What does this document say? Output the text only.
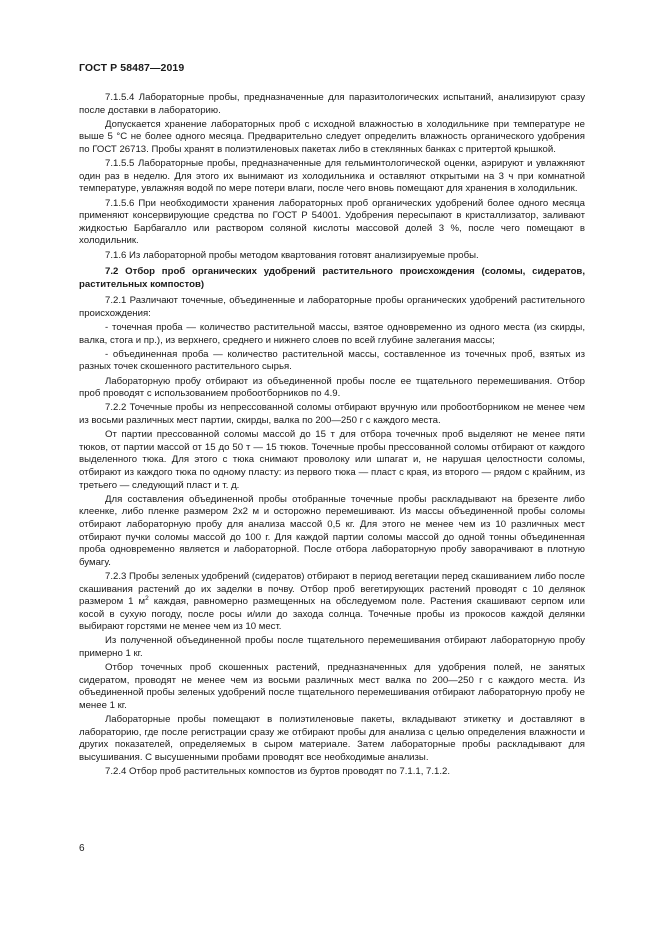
ГОСТ Р 58487—2019

7.1.5.4 Лабораторные пробы, предназначенные для паразитологических испытаний, анализируют сразу после доставки в лабораторию.

Допускается хранение лабораторных проб с исходной влажностью в холодильнике при температуре не выше 5 °С не более одного месяца. Предварительно следует определить влажность органического удобрения по ГОСТ 26713. Пробы хранят в полиэтиленовых пакетах либо в стеклянных банках с притертой крышкой.

7.1.5.5 Лабораторные пробы, предназначенные для гельминтологической оценки, аэрируют и увлажняют один раз в неделю. Для этого их вынимают из холодильника и оставляют открытыми на 3 ч при комнатной температуре, увлажняя водой по мере потери влаги, после чего вновь помещают для хранения в холодильник.

7.1.5.6 При необходимости хранения лабораторных проб органических удобрений более одного месяца применяют консервирующие средства по ГОСТ Р 54001. Удобрения пересыпают в кристаллизатор, заливают жидкостью Барбагалло или раствором соляной кислоты массовой долей 3 %, после чего помещают в холодильник.

7.1.6 Из лабораторной пробы методом квартования готовят анализируемые пробы.

7.2 Отбор проб органических удобрений растительного происхождения (соломы, сидератов, растительных компостов)

7.2.1 Различают точечные, объединенные и лабораторные пробы органических удобрений растительного происхождения:

- точечная проба — количество растительной массы, взятое одновременно из одного места (из скирды, валка, стога и пр.), из верхнего, среднего и нижнего слоев по всей глубине залегания массы;

- объединенная проба — количество растительной массы, составленное из точечных проб, взятых из разных точек скошенного растительного сырья.

Лабораторную пробу отбирают из объединенной пробы после ее тщательного перемешивания. Отбор проб проводят с использованием пробоотборников по 4.9.

7.2.2 Точечные пробы из непрессованной соломы отбирают вручную или пробоотборником не менее чем из восьми различных мест партии, скирды, валка по 200—250 г с каждого места.

От партии прессованной соломы массой до 15 т для отбора точечных проб выделяют не менее пяти тюков, от партии массой от 15 до 50 т — 15 тюков. Точечные пробы прессованной соломы отбирают от каждого выделенного тюка. Для этого с тюка снимают проволоку или шпагат и, не нарушая целостности соломы, отбирают из каждого тюка по одному пласту: из первого тюка — пласт с края, из второго — рядом с крайним, из третьего — следующий пласт и т. д.

Для составления объединенной пробы отобранные точечные пробы раскладывают на брезенте либо клеенке, либо пленке размером 2х2 м и осторожно перемешивают. Из массы объединенной пробы соломы отбирают лабораторную пробу для анализа массой 0,5 кг. Для этого не менее чем из 10 различных мест отбирают пучки соломы массой до 100 г. Для каждой партии соломы массой до одной тонны объединенная проба одновременно является и лабораторной. После отбора лабораторную пробу заворачивают в плотную бумагу.

7.2.3 Пробы зеленых удобрений (сидератов) отбирают в период вегетации перед скашиванием либо после скашивания растений до их заделки в почву. Отбор проб вегетирующих растений проводят с 10 делянок размером 1 $м^2$ каждая, равномерно размещенных на обследуемом поле. Растения скашивают серпом или косой в сухую погоду, после росы и/или до захода солнца. Точечные пробы из прокосов каждой делянки выбирают горстями не менее чем из 10 мест.

Из полученной объединенной пробы после тщательного перемешивания отбирают лабораторную пробу примерно 1 кг.

Отбор точечных проб скошенных растений, предназначенных для удобрения полей, не занятых сидератом, проводят не менее чем из восьми различных мест валка по 200—250 г с каждого места. Из объединенной пробы зеленых удобрений после тщательного перемешивания отбирают лабораторную пробу не менее 1 кг.

Лабораторные пробы помещают в полиэтиленовые пакеты, вкладывают этикетку и доставляют в лабораторию, где после регистрации сразу же отбирают пробы для анализа с целью определения влажности и других показателей, определяемых в сыром материале. Затем лабораторные пробы раскладывают для высушивания. С высушенными пробами проводят все необходимые анализы.

7.2.4 Отбор проб растительных компостов из буртов проводят по 7.1.1, 7.1.2.

6
